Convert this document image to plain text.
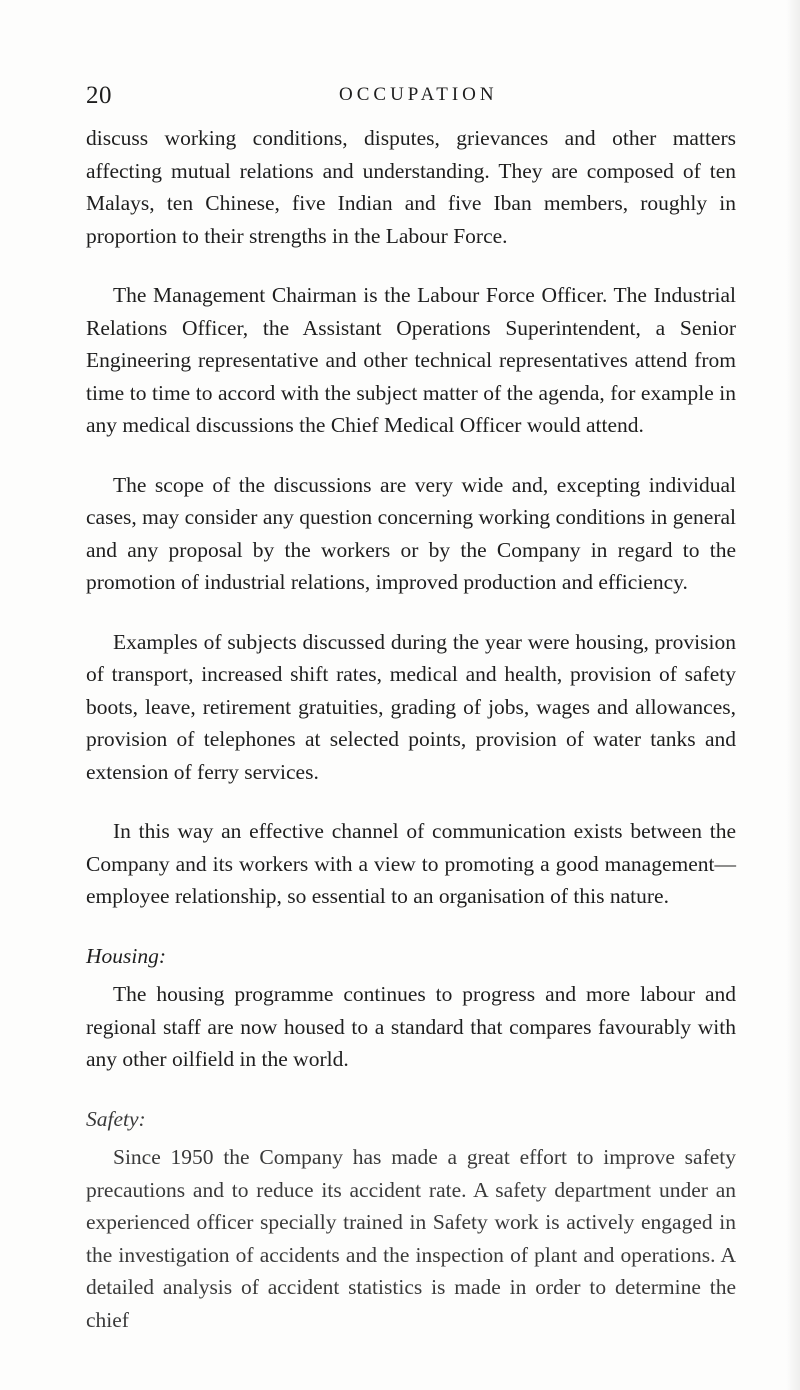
20	OCCUPATION

discuss working conditions, disputes, grievances and other matters affecting mutual relations and understanding. They are composed of ten Malays, ten Chinese, five Indian and five Iban members, roughly in proportion to their strengths in the Labour Force.

The Management Chairman is the Labour Force Officer. The Industrial Relations Officer, the Assistant Operations Superintendent, a Senior Engineering representative and other technical representatives attend from time to time to accord with the subject matter of the agenda, for example in any medical discussions the Chief Medical Officer would attend.

The scope of the discussions are very wide and, excepting individual cases, may consider any question concerning working conditions in general and any proposal by the workers or by the Company in regard to the promotion of industrial relations, improved production and efficiency.

Examples of subjects discussed during the year were housing, provision of transport, increased shift rates, medical and health, provision of safety boots, leave, retirement gratuities, grading of jobs, wages and allowances, provision of telephones at selected points, provision of water tanks and extension of ferry services.

In this way an effective channel of communication exists between the Company and its workers with a view to promoting a good management—employee relationship, so essential to an organisation of this nature.

Housing:

The housing programme continues to progress and more labour and regional staff are now housed to a standard that compares favourably with any other oilfield in the world.

Safety:

Since 1950 the Company has made a great effort to improve safety precautions and to reduce its accident rate. A safety department under an experienced officer specially trained in Safety work is actively engaged in the investigation of accidents and the inspection of plant and operations. A detailed analysis of accident statistics is made in order to determine the chief
